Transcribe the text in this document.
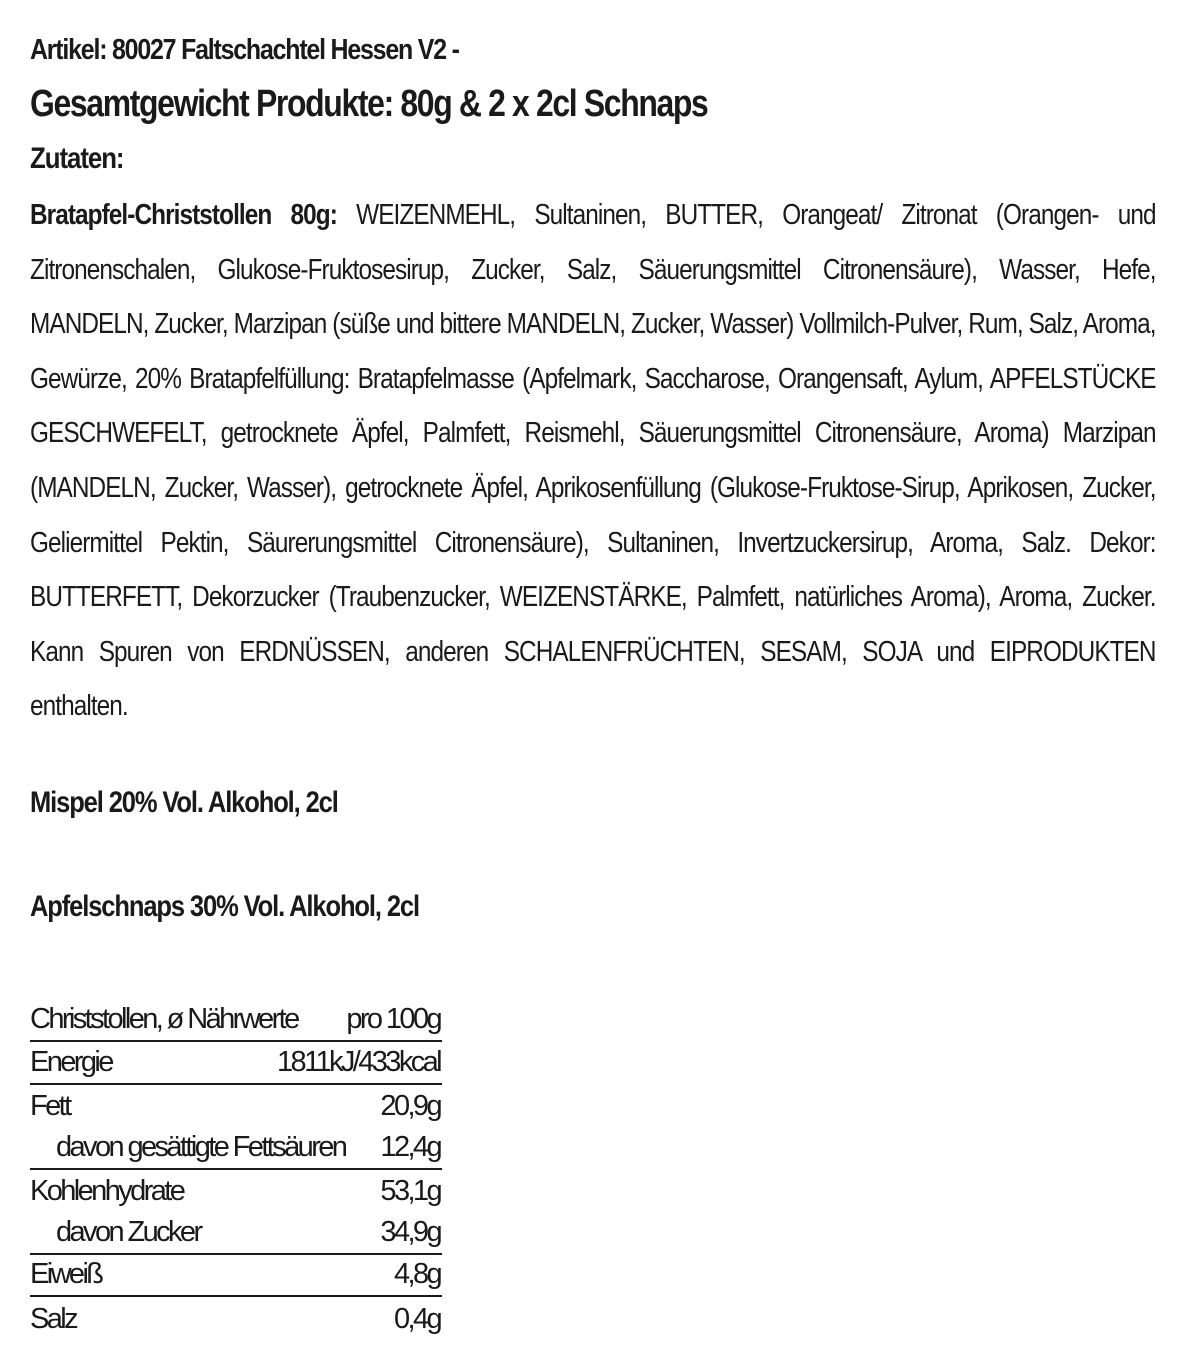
Artikel: 80027 Faltschachtel Hessen V2 -
Gesamtgewicht Produkte: 80g & 2 x 2cl Schnaps
Zutaten:
Bratapfel-Christstollen 80g: WEIZENMEHL, Sultaninen, BUTTER, Orangeat/ Zitronat (Orangen- und Zitronenschalen, Glukose-Fruktosesirup, Zucker, Salz, Säuerungsmittel Citronensäure), Wasser, Hefe, MANDELN, Zucker, Marzipan (süße und bittere MANDELN, Zucker, Wasser) Vollmilch-Pulver, Rum, Salz, Aroma, Gewürze, 20% Bratapfelfüllung: Bratapfelmasse (Apfelmark, Saccharose, Orangensaft, Aylum, APFELSTÜCKE GESCHWEFELT, getrocknete Äpfel, Palmfett, Reismehl, Säuerungsmittel Citronensäure, Aroma) Marzipan (MANDELN, Zucker, Wasser), getrocknete Äpfel, Aprikosenfüllung (Glukose-Fruktose-Sirup, Aprikosen, Zucker, Geliermittel Pektin, Säurerungsmittel Citronensäure), Sultaninen, Invertzuckersirup, Aroma, Salz. Dekor: BUTTERFETT, Dekorzucker (Traubenzucker, WEIZENSTÄRKE, Palmfett, natürliches Aroma), Aroma, Zucker. Kann Spuren von ERDNÜSSEN, anderen SCHALENFRÜCHTEN, SESAM, SOJA und EIPRODUKTEN enthalten.
Mispel 20% Vol. Alkohol, 2cl
Apfelschnaps 30% Vol. Alkohol, 2cl
Christstollen, ø Nährwerte pro 100g
Energie	1811kJ/433kcal
Fett	20,9g
davon gesättigte Fettsäuren 12,4g
Kohlenhydrate	53,1g
davon Zucker	34,9g
Eiweiß	4,8g
Salz	0,4g
